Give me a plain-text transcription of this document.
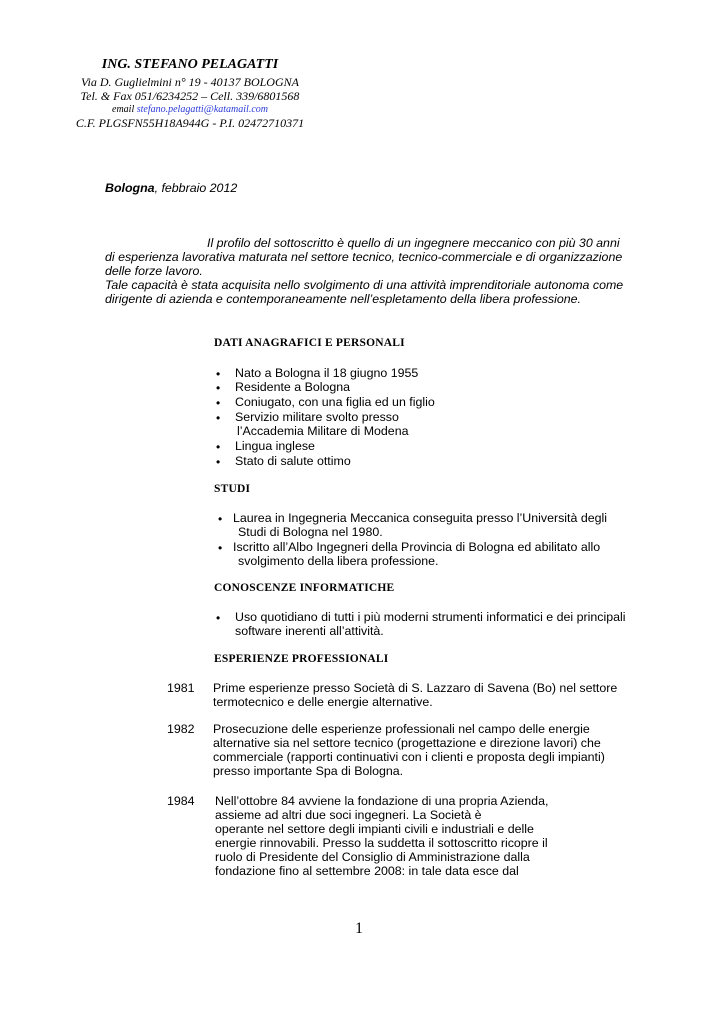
ING. STEFANO PELAGATTI
Via D. Guglielmini n° 19 - 40137 BOLOGNA
Tel. & Fax 051/6234252 – Cell. 339/6801568
email stefano.pelagatti@katamail.com
C.F. PLGSFN55H18A944G - P.I. 02472710371
Bologna, febbraio 2012
Il profilo del sottoscritto è quello di un ingegnere meccanico con più 30 anni
di esperienza lavorativa maturata nel settore tecnico, tecnico-commerciale e di organizzazione
delle forze lavoro.
Tale capacità è stata acquisita nello svolgimento di una attività imprenditoriale autonoma come
dirigente di azienda e contemporaneamente nell’espletamento della libera professione.
DATI ANAGRAFICI E PERSONALI
• Nato a Bologna il 18 giugno 1955
• Residente a Bologna
• Coniugato, con una figlia ed un figlio
• Servizio militare svolto presso
l’Accademia Militare di Modena
• Lingua inglese
• Stato di salute ottimo
STUDI
• Laurea in Ingegneria Meccanica conseguita presso l’Università degli
Studi di Bologna nel 1980.
• Iscritto all’Albo Ingegneri della Provincia di Bologna ed abilitato allo
svolgimento della libera professione.
CONOSCENZE INFORMATICHE
• Uso quotidiano di tutti i più moderni strumenti informatici e dei principali
software inerenti all’attività.
ESPERIENZE PROFESSIONALI
1981 Prime esperienze presso Società di S. Lazzaro di Savena (Bo) nel settore
termotecnico e delle energie alternative.
1982 Prosecuzione delle esperienze professionali nel campo delle energie
alternative sia nel settore tecnico (progettazione e direzione lavori) che
commerciale (rapporti continuativi con i clienti e proposta degli impianti)
presso importante Spa di Bologna.
1984 Nell’ottobre 84 avviene la fondazione di una propria Azienda,
assieme ad altri due soci ingegneri. La Società è
operante nel settore degli impianti civili e industriali e delle
energie rinnovabili. Presso la suddetta il sottoscritto ricopre il
ruolo di Presidente del Consiglio di Amministrazione dalla
fondazione fino al settembre 2008: in tale data esce dal
1
